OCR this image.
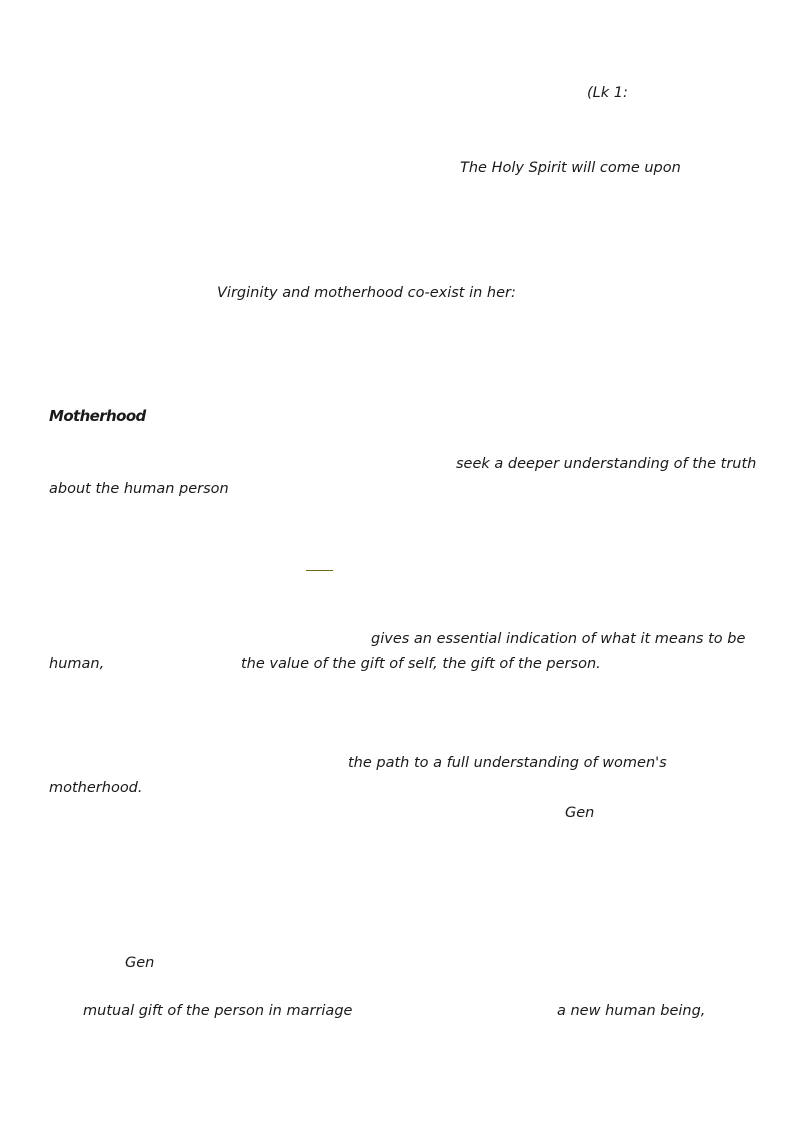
(Lk 1:
The Holy Spirit will come upon
Virginity and motherhood co-exist in her:
Motherhood
seek a deeper understanding of the truth
about the human person
gives an essential indication of what it means to be
human,	the value of the gift of self, the gift of the person.
the path to a full understanding of women's
motherhood.
Gen
Gen
mutual gift of the person in marriage	a new human being,
